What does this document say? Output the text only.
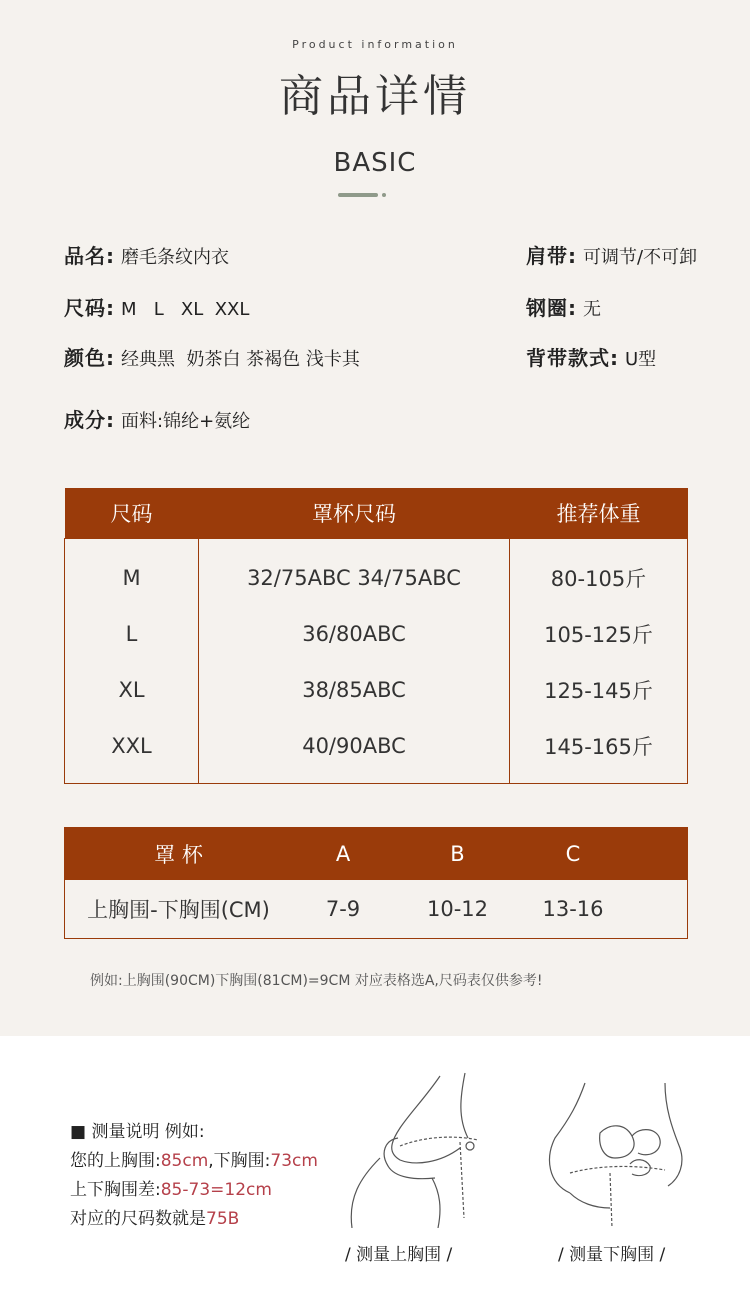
Product information
商品详情
BASIC
品名: 磨毛条纹内衣	肩带: 可调节/不可卸
尺码: M   L   XL  XXL	钢圈: 无
颜色: 经典黑  奶茶白 茶褐色 浅卡其	背带款式: U型
成分: 面料:锦纶+氨纶
尺码	罩杯尺码	推荐体重
M	32/75ABC 34/75ABC	80-105斤
L	36/80ABC	105-125斤
XL	38/85ABC	125-145斤
XXL	40/90ABC	145-165斤
罩 杯	A	B	C	
上胸围-下胸围(CM)	7-9	10-12	13-16	
例如:上胸围(90CM)下胸围(81CM)=9CM 对应表格选A,尺码表仅供参考!
■ 测量说明 例如:
您的上胸围:85cm,下胸围:73cm
上下胸围差:85-73=12cm
对应的尺码数就是75B
/ 测量上胸围 /	/ 测量下胸围 /
